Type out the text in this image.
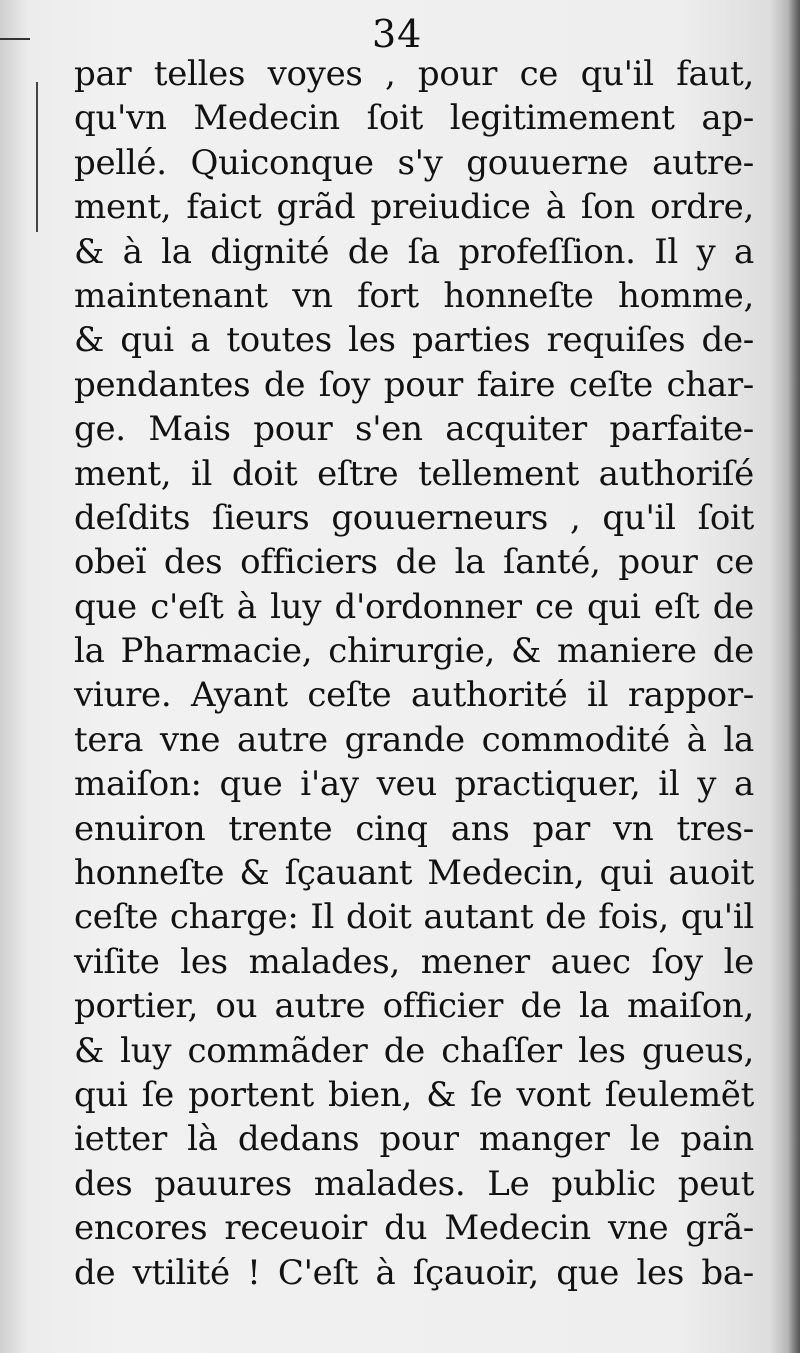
34
par telles voyes , pour ce qu'il faut,
qu'vn Medecin ſoit legitimement ap-
pellé. Quiconque s'y gouuerne autre-
ment, faict grãd preiudice à ſon ordre,
& à la dignité de ſa profeſſion. Il y a
maintenant vn fort honneſte homme,
& qui a toutes les parties requiſes de-
pendantes de ſoy pour faire ceſte char-
ge. Mais pour s'en acquiter parfaite-
ment, il doit eſtre tellement authoriſé
deſdits ſieurs gouuerneurs , qu'il ſoit
obeï des officiers de la ſanté, pour ce
que c'eſt à luy d'ordonner ce qui eſt de
la Pharmacie, chirurgie, & maniere de
viure. Ayant ceſte authorité il rappor-
tera vne autre grande commodité à la
maiſon: que i'ay veu practiquer, il y a
enuiron trente cinq ans par vn tres-
honneſte & ſçauant Medecin, qui auoit
ceſte charge: Il doit autant de fois, qu'il
viſite les malades, mener auec ſoy le
portier, ou autre officier de la maiſon,
& luy commãder de chaſſer les gueus,
qui ſe portent bien, & ſe vont ſeulemẽt
ietter là dedans pour manger le pain
des pauures malades. Le public peut
encores receuoir du Medecin vne grã-
de vtilité ! C'eſt à ſçauoir, que les ba-
